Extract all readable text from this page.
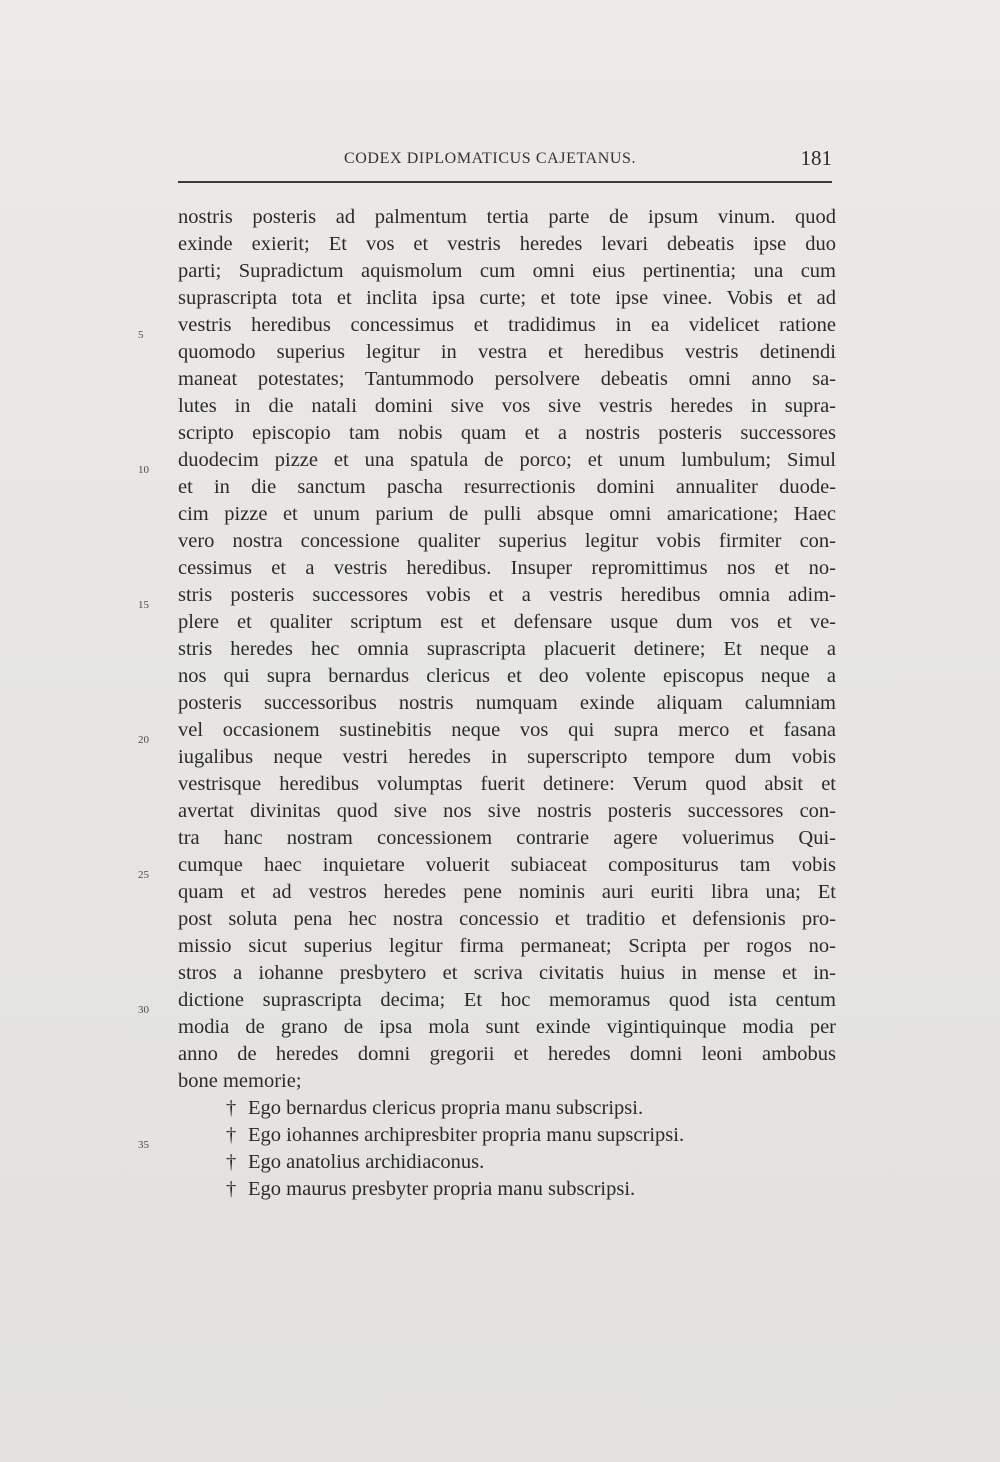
CODEX DIPLOMATICUS CAJETANUS.	181
5
10
15
20
25
30
35
nostris posteris ad palmentum tertia parte de ipsum vinum. quod
exinde exierit; Et vos et vestris heredes levari debeatis ipse duo
parti; Supradictum aquismolum cum omni eius pertinentia; una cum
suprascripta tota et inclita ipsa curte; et tote ipse vinee. Vobis et ad
vestris heredibus concessimus et tradidimus in ea videlicet ratione
quomodo superius legitur in vestra et heredibus vestris detinendi
maneat potestates; Tantummodo persolvere debeatis omni anno sa-
lutes in die natali domini sive vos sive vestris heredes in supra-
scripto episcopio tam nobis quam et a nostris posteris successores
duodecim pizze et una spatula de porco; et unum lumbulum; Simul
et in die sanctum pascha resurrectionis domini annualiter duode-
cim pizze et unum parium de pulli absque omni amaricatione; Haec
vero nostra concessione qualiter superius legitur vobis firmiter con-
cessimus et a vestris heredibus. Insuper repromittimus nos et no-
stris posteris successores vobis et a vestris heredibus omnia adim-
plere et qualiter scriptum est et defensare usque dum vos et ve-
stris heredes hec omnia suprascripta placuerit detinere; Et neque a
nos qui supra bernardus clericus et deo volente episcopus neque a
posteris successoribus nostris numquam exinde aliquam calumniam
vel occasionem sustinebitis neque vos qui supra merco et fasana
iugalibus neque vestri heredes in superscripto tempore dum vobis
vestrisque heredibus volumptas fuerit detinere: Verum quod absit et
avertat divinitas quod sive nos sive nostris posteris successores con-
tra hanc nostram concessionem contrarie agere voluerimus Qui-
cumque haec inquietare voluerit subiaceat compositurus tam vobis
quam et ad vestros heredes pene nominis auri euriti libra una; Et
post soluta pena hec nostra concessio et traditio et defensionis pro-
missio sicut superius legitur firma permaneat; Scripta per rogos no-
stros a iohanne presbytero et scriva civitatis huius in mense et in-
dictione suprascripta decima; Et hoc memoramus quod ista centum
modia de grano de ipsa mola sunt exinde vigintiquinque modia per
anno de heredes domni gregorii et heredes domni leoni ambobus
bone memorie;
† Ego bernardus clericus propria manu subscripsi.
† Ego iohannes archipresbiter propria manu supscripsi.
† Ego anatolius archidiaconus.
† Ego maurus presbyter propria manu subscripsi.
